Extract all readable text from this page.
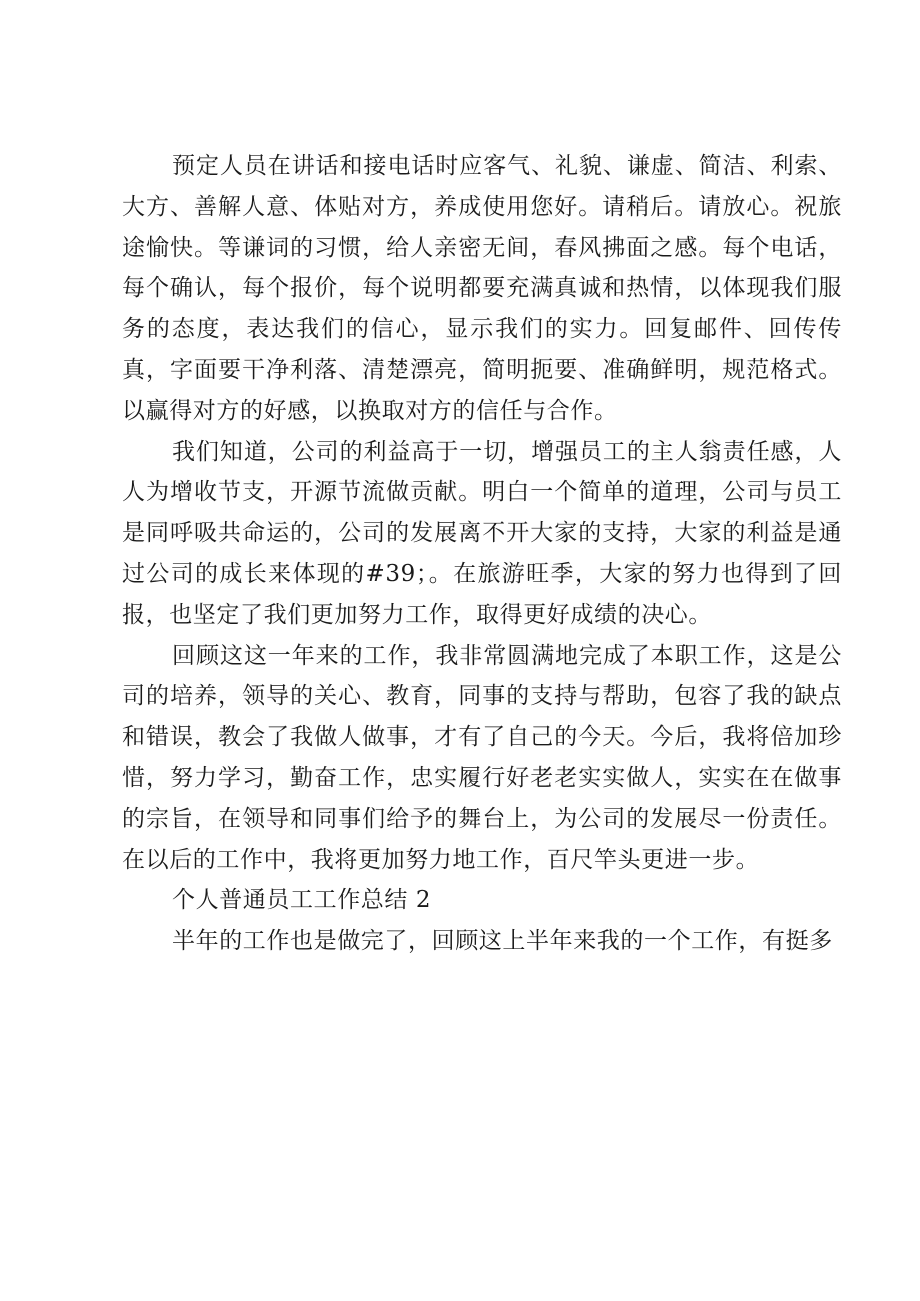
预定人员在讲话和接电话时应客气、礼貌、谦虚、简洁、利索、大方、善解人意、体贴对方，养成使用您好。请稍后。请放心。祝旅途愉快。等谦词的习惯，给人亲密无间，春风拂面之感。每个电话，每个确认，每个报价，每个说明都要充满真诚和热情，以体现我们服务的态度，表达我们的信心，显示我们的实力。回复邮件、回传传真，字面要干净利落、清楚漂亮，简明扼要、准确鲜明，规范格式。以赢得对方的好感，以换取对方的信任与合作。

我们知道，公司的利益高于一切，增强员工的主人翁责任感，人人为增收节支，开源节流做贡献。明白一个简单的道理，公司与员工是同呼吸共命运的，公司的发展离不开大家的支持，大家的利益是通过公司的成长来体现的#39；。在旅游旺季，大家的努力也得到了回报，也坚定了我们更加努力工作，取得更好成绩的决心。

回顾这这一年来的工作，我非常圆满地完成了本职工作，这是公司的培养，领导的关心、教育，同事的支持与帮助，包容了我的缺点和错误，教会了我做人做事，才有了自己的今天。今后，我将倍加珍惜，努力学习，勤奋工作，忠实履行好老老实实做人，实实在在做事的宗旨，在领导和同事们给予的舞台上，为公司的发展尽一份责任。在以后的工作中，我将更加努力地工作，百尺竿头更进一步。

个人普通员工工作总结 2

半年的工作也是做完了，回顾这上半年来我的一个工作，有挺多
